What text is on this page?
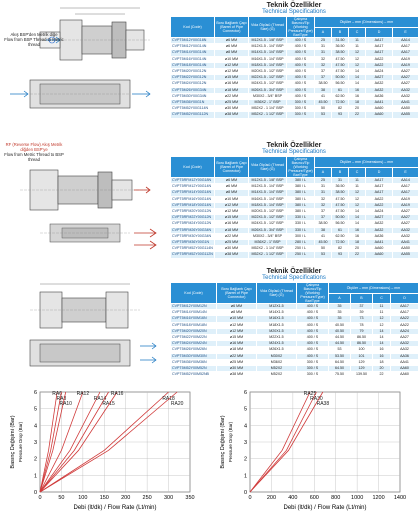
Akış BSP'den Metrik diğe
Flow from BSP Thread to Metric thread
Teknik Özellikler
Technical Specifications
Kod (Code)	Boru Bağlantı Çapı (Barrel of Pipe Connector)	Vida Ölçüsü (Thread Size) (G)	Çalışma Basıncı/Tip (Working Pressure/Type) Bar/Type	Ölçüler – mm (Dimensions) – mm				
				A	B	C	D	E
CVPT5M12Y00G18N	ø6 MM	M12X1.5 - 1/8" BSP	400 / S	25	31.50	11	AA17	AA14
CVPT5M12Y00G14N	ø6 MM	M12X1.5 - 1/4" BSP	400 / S	31	36.50	11	AA17	AA17
CVPT5M14Y00G14N	ø8 MM	M14X1.5 - 1/4" BSP	400 / S	31	38.50	12	AA17	AA17
CVPT5M16Y00G14N	ø10 MM	M16X1.5 - 1/4" BSP	400 / S	32	47.50	12	AA22	AA19
CVPT5M18Y00G14N	ø12 MM	M18X1.5 - 1/4" BSP	400 / S	32	47.50	12	AA22	AA19
CVPT5M20Y00G12N	ø12 MM	M20X1.5 - 1/2" BSP	400 / S	37	47.50	14	AA24	AA27
CVPT5M22Y00G12N	ø15 MM	M22X1.5 - 1/2" BSP	400 / S	37	50.50	14	AA27	AA27
CVPT5M24Y00G12N	ø16 MM	M24X1.5 - 1/2" BSP	400 / S	38.50	56.50	14	AA32	AA27
CVPT5M26Y00G34N	ø18 MM	M26X1.5 - 3/4" BSP	400 / S	38	61	16	AA32	AA32
CVPT5M30Y00G34N	ø22 MM	M30X2 - 3/4" BSP	400 / S	41	62.50	16	AA36	AA32
CVPT5M36Y00G1N	ø25 MM	M36X2 - 1" BSP	300 / S	45.50	72.50	18	AA41	AA41
CVPT5M52Y00G114N	ø30 MM	M52X2 - 1 1/4" BSP	300 / S	50	82	20	AA60	AA50
CVPT5M52Y00G112N	ø38 MM	M52X2 - 1 1/2" BSP	300 / S	53	93	22	AA60	AA55
RF (Reverse Flow) Akış Metrik diğden BSP'ye
Flow from Metric Thread to BSP thread
Teknik Özellikler
Technical Specifications
Kod (Code)	Boru Bağlantı Çapı (Barrel of Pipe Connector)	Vida Ölçüsü (Thread Size) (G)	Çalışma Basıncı/Tip (Working Pressure/Type) Bar/Type	Ölçüler – mm (Dimensions) – mm				
				A	B	C	D	E
CVPT5RFM12Y00G18N	ø6 MM	M12X1.5 - 1/8" BSP	380 / L	25	31	11	AA17	AA14
CVPT5RFM12Y00G14N	ø6 MM	M12X1.5 - 1/4" BSP	380 / L	31	36.50	11	AA17	AA17
CVPT5RFM14Y00G14N	ø8 MM	M14X1.5 - 1/4" BSP	380 / L	31	38.50	12	AA17	AA17
CVPT5RFM16Y00G14N	ø10 MM	M16X1.5 - 1/4" BSP	380 / L	32	47.50	12	AA22	AA19
CVPT5RFM18Y00G14N	ø12 MM	M18X1.5 - 1/4" BSP	380 / L	32	47.50	12	AA22	AA19
CVPT5RFM20Y00G12N	ø12 MM	M20X1.5 - 1/2" BSP	380 / L	37	47.50	14	AA24	AA27
CVPT5RFM22Y00G12N	ø15 MM	M22X1.5 - 1/2" BSP	330 / L	37	50.50	14	AA27	AA27
CVPT5RFM24Y00G12N	ø16 MM	M24X1.5 - 1/2" BSP	330 / L	38.50	56.50	14	AA32	AA27
CVPT5RFM26Y00G34N	ø18 MM	M26X1.5 - 3/4" BSP	330 / L	38	61	16	AA32	AA32
CVPT5RFM30Y00G34N	ø22 MM	M30X2 - 3/4" BSP	300 / L	41	62.50	16	AA36	AA32
CVPT5RFM36Y00G1N	ø25 MM	M36X2 - 1" BSP	280 / L	45.50	72.50	18	AA41	AA41
CVPT5RFM52Y00G114N	ø30 MM	M52X2 - 1 1/4" BSP	250 / L	50	82	20	AA60	AA50
CVPT5RFM52Y00G112N	ø38 MM	M52X2 - 1 1/2" BSP	250 / L	53	93	22	AA60	AA55
Teknik Özellikler
Technical Specifications
Kod (Code)	Boru Bağlantı Çapı (Barrel of Pipe Connector)	Vida Ölçüsü (Thread Size) (G)	Çalışma Basıncı/Tip (Working Pressure/Type) Bar/Type	Ölçüler – mm (Dimensions) – mm			
				A	B	C	D
CVPT5M12Y00M12N	ø6 MM	M12X1.5	400 / S	35	37	11	AA17
CVPT5M14Y00M14N	ø8 MM	M14X1.5	400 / S	35	39	11	AA17
CVPT5M16Y00M16N	ø10 MM	M16X1.5	400 / S	35	73	12	AA22
CVPT5M18Y00M18N	ø12 MM	M18X1.5	400 / S	40.50	78	12	AA22
CVPT5M20Y00M20N	ø12 MM	M20X1.5	400 / S	40.50	79	14	AA24
CVPT5M22Y00M22N	ø15 MM	M22X1.5	400 / S	44.50	86.50	14	AA27
CVPT5M24Y00M24N	ø16 MM	M24X1.5	400 / S	44.50	86.50	14	AA32
CVPT5M26Y00M26N	ø18 MM	M26X1.5	400 / S	53	100	16	AA32
CVPT5M30Y00M30N	ø22 MM	M30X2	400 / S	53.50	101	16	AA36
CVPT5M36Y00M36N	ø25 MM	M36X2	300 / S	64.50	129	18	AA41
CVPT5M52Y00M52N	ø30 MM	M52X2	300 / S	64.50	129	20	AA60
CVPT5M52Y00M52NB	ø38 MM	M52X2	300 / S	75.50	139.50	22	AA60
0	50	100 150 200 250 300 350
0
1
2
3
4
5
6
Basınç Değişimi (Bar) Pressure Drop (Bar)
Debi (lt/dk) / Flow Rate (Lt/min)
RA6
RA8
RA10
RA12
RA14
RA15
RA16
RA18
RA20
0	200 400 600 800 1000 1200 1400
0
1
2
3
4
5
6
Basınç Değişimi (Bar) Pressure Drop (Bar)
Debi (lt/dk) / Flow Rate (Lt/min)
RA25
RA30
RA38
